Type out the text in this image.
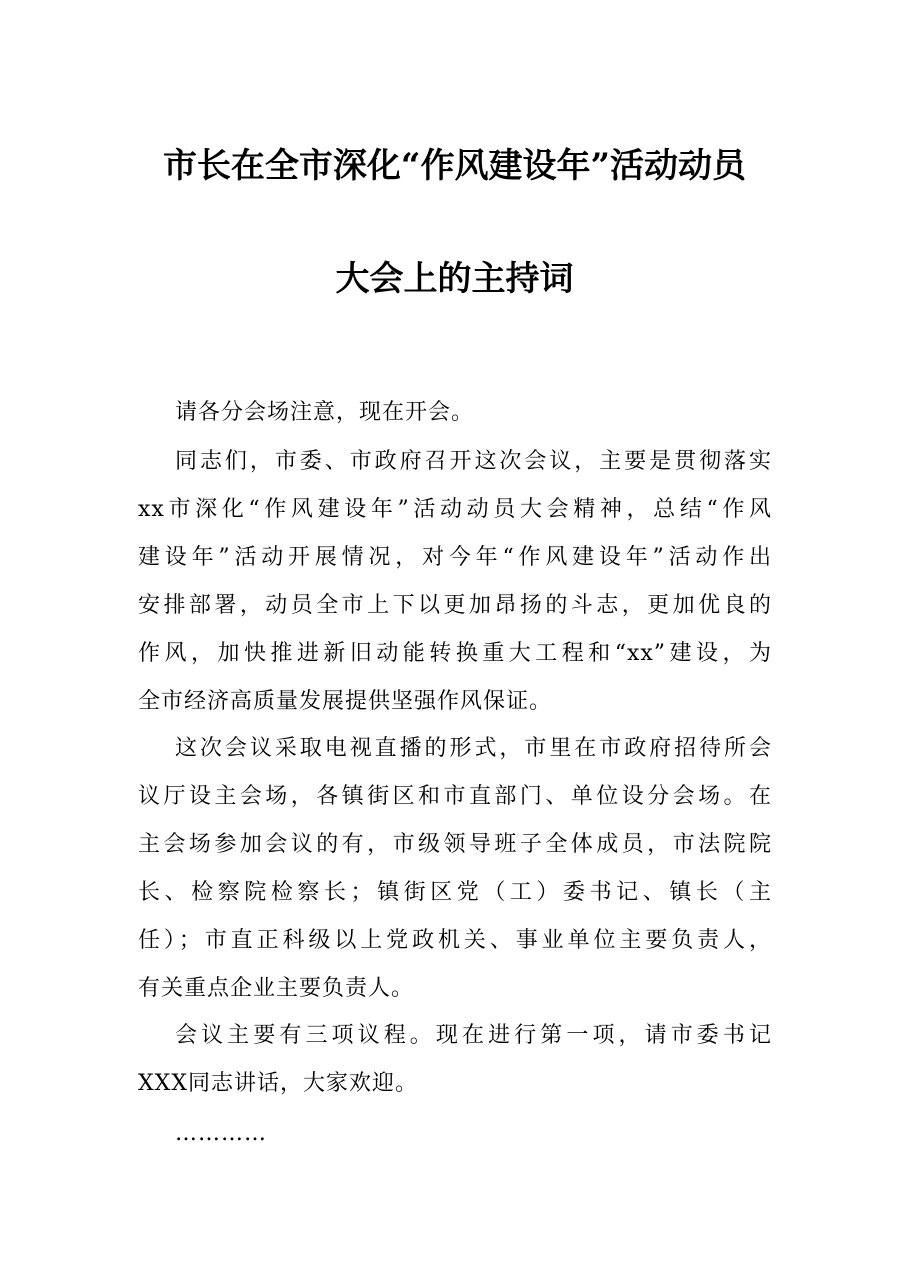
市长在全市深化“作风建设年”活动动员
大会上的主持词
请各分会场注意，现在开会。
同志们，市委、市政府召开这次会议，主要是贯彻落实
xx市深化“作风建设年”活动动员大会精神，总结“作风
建设年”活动开展情况，对今年“作风建设年”活动作出
安排部署，动员全市上下以更加昂扬的斗志，更加优良的
作风，加快推进新旧动能转换重大工程和“xx”建设，为
全市经济高质量发展提供坚强作风保证。
这次会议采取电视直播的形式，市里在市政府招待所会
议厅设主会场，各镇街区和市直部门、单位设分会场。在
主会场参加会议的有，市级领导班子全体成员，市法院院
长、检察院检察长；镇街区党（工）委书记、镇长（主
任）；市直正科级以上党政机关、事业单位主要负责人，
有关重点企业主要负责人。
会议主要有三项议程。现在进行第一项，请市委书记
XXX同志讲话，大家欢迎。
…………
